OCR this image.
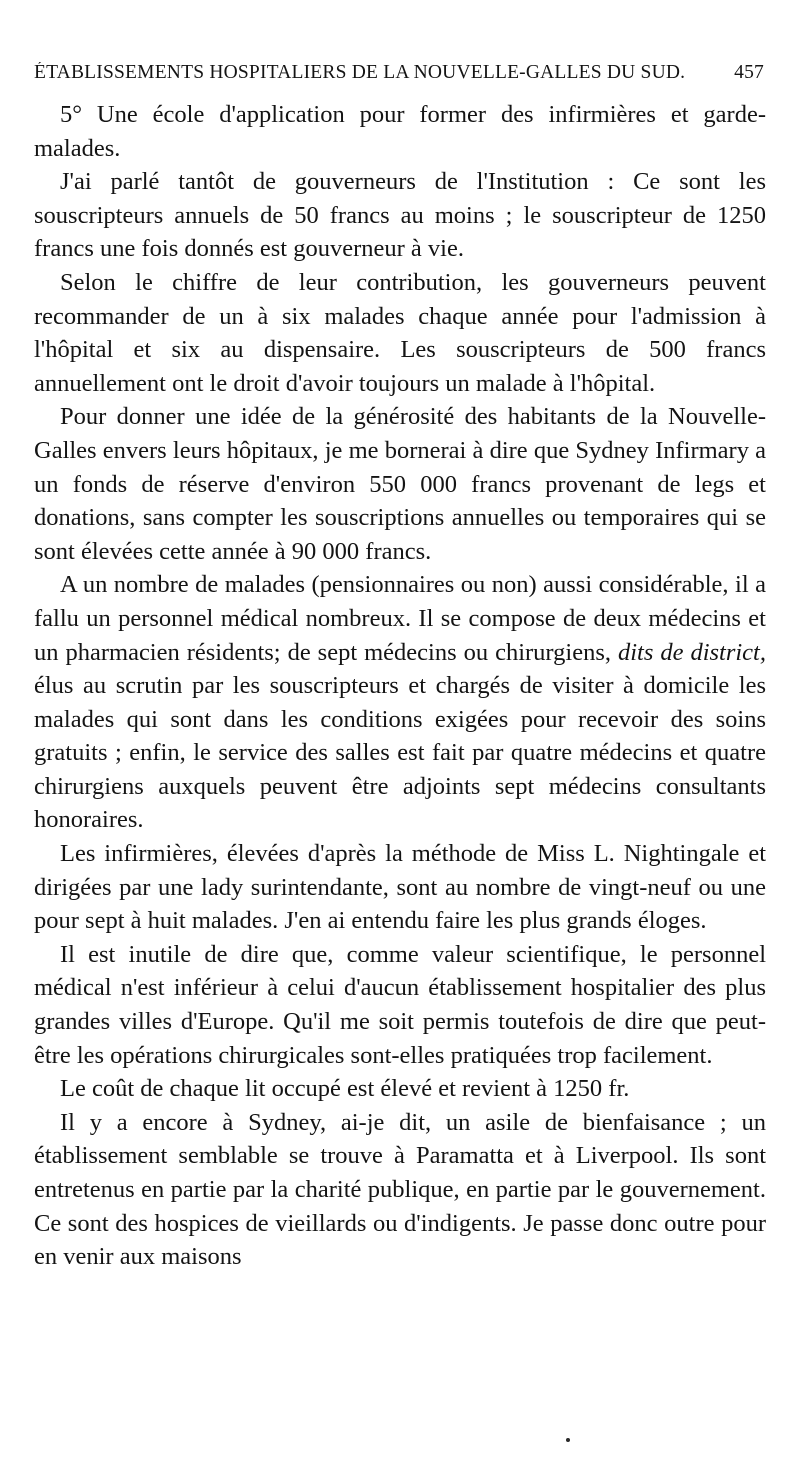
ÉTABLISSEMENTS HOSPITALIERS DE LA NOUVELLE-GALLES DU SUD.	457

5° Une école d'application pour former des infirmières et garde-malades.

J'ai parlé tantôt de gouverneurs de l'Institution : Ce sont les souscripteurs annuels de 50 francs au moins ; le souscripteur de 1250 francs une fois donnés est gouverneur à vie.

Selon le chiffre de leur contribution, les gouverneurs peuvent recommander de un à six malades chaque année pour l'admission à l'hôpital et six au dispensaire. Les souscripteurs de 500 francs annuellement ont le droit d'avoir toujours un malade à l'hôpital.

Pour donner une idée de la générosité des habitants de la Nouvelle-Galles envers leurs hôpitaux, je me bornerai à dire que Sydney Infirmary a un fonds de réserve d'environ 550 000 francs provenant de legs et donations, sans compter les souscriptions annuelles ou temporaires qui se sont élevées cette année à 90 000 francs.

A un nombre de malades (pensionnaires ou non) aussi considérable, il a fallu un personnel médical nombreux. Il se compose de deux médecins et un pharmacien résidents; de sept médecins ou chirurgiens, dits de district, élus au scrutin par les souscripteurs et chargés de visiter à domicile les malades qui sont dans les conditions exigées pour recevoir des soins gratuits ; enfin, le service des salles est fait par quatre médecins et quatre chirurgiens auxquels peuvent être adjoints sept médecins consultants honoraires.

Les infirmières, élevées d'après la méthode de Miss L. Nightingale et dirigées par une lady surintendante, sont au nombre de vingt-neuf ou une pour sept à huit malades. J'en ai entendu faire les plus grands éloges.

Il est inutile de dire que, comme valeur scientifique, le personnel médical n'est inférieur à celui d'aucun établissement hospitalier des plus grandes villes d'Europe. Qu'il me soit permis toutefois de dire que peut-être les opérations chirurgicales sont-elles pratiquées trop facilement.

Le coût de chaque lit occupé est élevé et revient à 1250 fr.

Il y a encore à Sydney, ai-je dit, un asile de bienfaisance ; un établissement semblable se trouve à Paramatta et à Liverpool. Ils sont entretenus en partie par la charité publique, en partie par le gouvernement. Ce sont des hospices de vieillards ou d'indigents. Je passe donc outre pour en venir aux maisons
